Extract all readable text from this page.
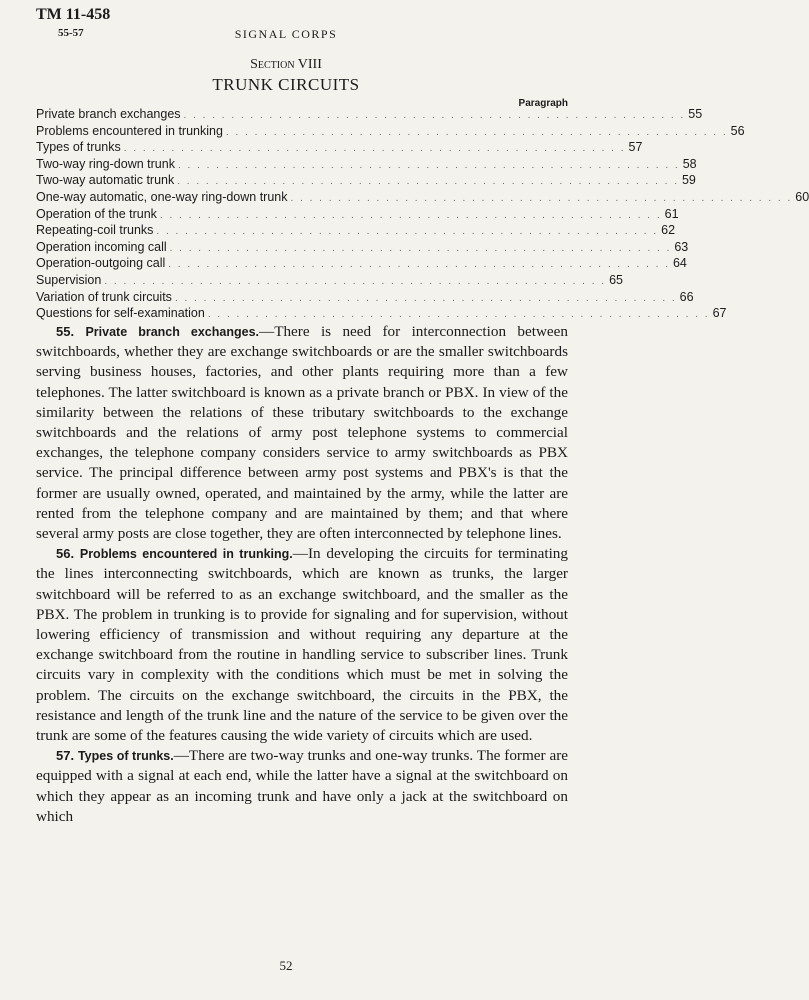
TM 11-458
55-57	SIGNAL CORPS
Section VIII
TRUNK CIRCUITS
Paragraph
Private branch exchanges . . . . . . . . . . . . . . . . . . . . . . . . . . . . . . . . . . . . . . . . . . . . . . . . . . . . . 55
Problems encountered in trunking . . . . . . . . . . . . . . . . . . . . . . . . . . . . . . . . . . . . . . . . . . . . . . . . . . . . . 56
Types of trunks . . . . . . . . . . . . . . . . . . . . . . . . . . . . . . . . . . . . . . . . . . . . . . . . . . . . . 57
Two-way ring-down trunk . . . . . . . . . . . . . . . . . . . . . . . . . . . . . . . . . . . . . . . . . . . . . . . . . . . . . 58
Two-way automatic trunk . . . . . . . . . . . . . . . . . . . . . . . . . . . . . . . . . . . . . . . . . . . . . . . . . . . . . 59
One-way automatic, one-way ring-down trunk . . . . . . . . . . . . . . . . . . . . . . . . . . . . . . . . . . . . . . . . . . . . . . . . . . . . . 60
Operation of the trunk . . . . . . . . . . . . . . . . . . . . . . . . . . . . . . . . . . . . . . . . . . . . . . . . . . . . . 61
Repeating-coil trunks . . . . . . . . . . . . . . . . . . . . . . . . . . . . . . . . . . . . . . . . . . . . . . . . . . . . . 62
Operation incoming call . . . . . . . . . . . . . . . . . . . . . . . . . . . . . . . . . . . . . . . . . . . . . . . . . . . . . 63
Operation-outgoing call . . . . . . . . . . . . . . . . . . . . . . . . . . . . . . . . . . . . . . . . . . . . . . . . . . . . . 64
Supervision . . . . . . . . . . . . . . . . . . . . . . . . . . . . . . . . . . . . . . . . . . . . . . . . . . . . . 65
Variation of trunk circuits . . . . . . . . . . . . . . . . . . . . . . . . . . . . . . . . . . . . . . . . . . . . . . . . . . . . . 66
Questions for self-examination . . . . . . . . . . . . . . . . . . . . . . . . . . . . . . . . . . . . . . . . . . . . . . . . . . . . . 67

55. Private branch exchanges.—There is need for interconnection between switchboards, whether they are exchange switchboards or are the smaller switchboards serving business houses, factories, and other plants requiring more than a few telephones. The latter switchboard is known as a private branch or PBX. In view of the similarity between the relations of these tributary switchboards to the exchange switchboards and the relations of army post telephone systems to commercial exchanges, the telephone company considers service to army switchboards as PBX service. The principal difference between army post systems and PBX's is that the former are usually owned, operated, and maintained by the army, while the latter are rented from the telephone company and are maintained by them; and that where several army posts are close together, they are often interconnected by telephone lines.

56. Problems encountered in trunking.—In developing the circuits for terminating the lines interconnecting switchboards, which are known as trunks, the larger switchboard will be referred to as an exchange switchboard, and the smaller as the PBX. The problem in trunking is to provide for signaling and for supervision, without lowering efficiency of transmission and without requiring any departure at the exchange switchboard from the routine in handling service to subscriber lines. Trunk circuits vary in complexity with the conditions which must be met in solving the problem. The circuits on the exchange switchboard, the circuits in the PBX, the resistance and length of the trunk line and the nature of the service to be given over the trunk are some of the features causing the wide variety of circuits which are used.

57. Types of trunks.—There are two-way trunks and one-way trunks. The former are equipped with a signal at each end, while the latter have a signal at the switchboard on which they appear as an incoming trunk and have only a jack at the switchboard on which

52
